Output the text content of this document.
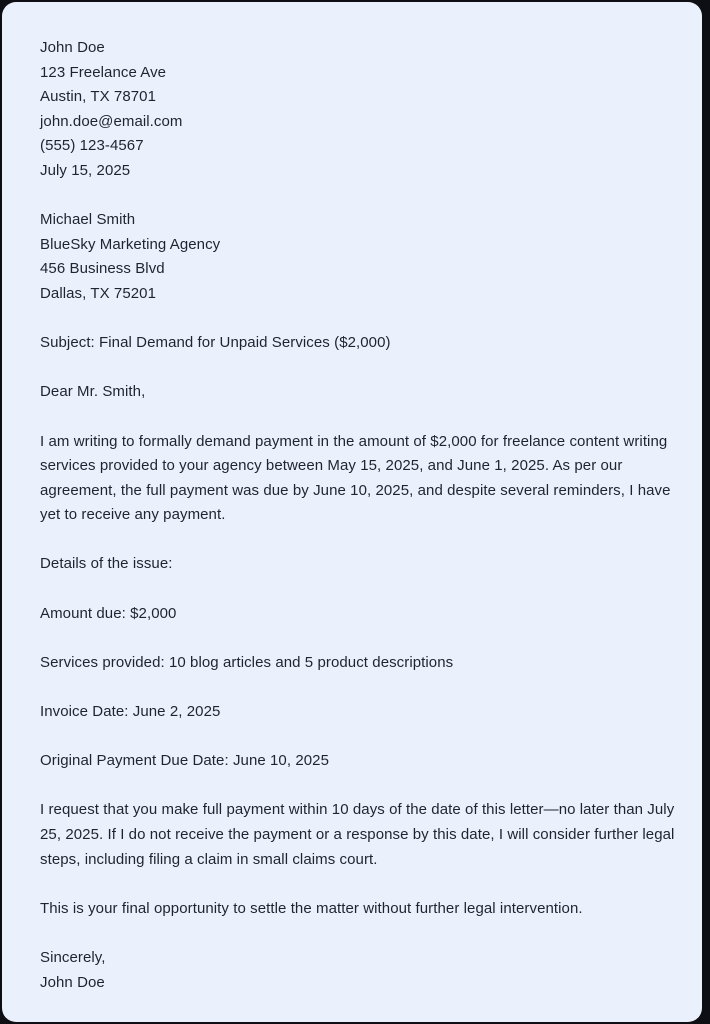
John Doe
123 Freelance Ave
Austin, TX 78701
john.doe@email.com
(555) 123-4567
July 15, 2025
Michael Smith
BlueSky Marketing Agency
456 Business Blvd
Dallas, TX 75201

Subject: Final Demand for Unpaid Services ($2,000)

Dear Mr. Smith,

I am writing to formally demand payment in the amount of $2,000 for freelance content writing services provided to your agency between May 15, 2025, and June 1, 2025. As per our agreement, the full payment was due by June 10, 2025, and despite several reminders, I have yet to receive any payment.

Details of the issue:

Amount due: $2,000

Services provided: 10 blog articles and 5 product descriptions

Invoice Date: June 2, 2025

Original Payment Due Date: June 10, 2025

I request that you make full payment within 10 days of the date of this letter—no later than July 25, 2025. If I do not receive the payment or a response by this date, I will consider further legal steps, including filing a claim in small claims court.

This is your final opportunity to settle the matter without further legal intervention.

Sincerely,
John Doe
